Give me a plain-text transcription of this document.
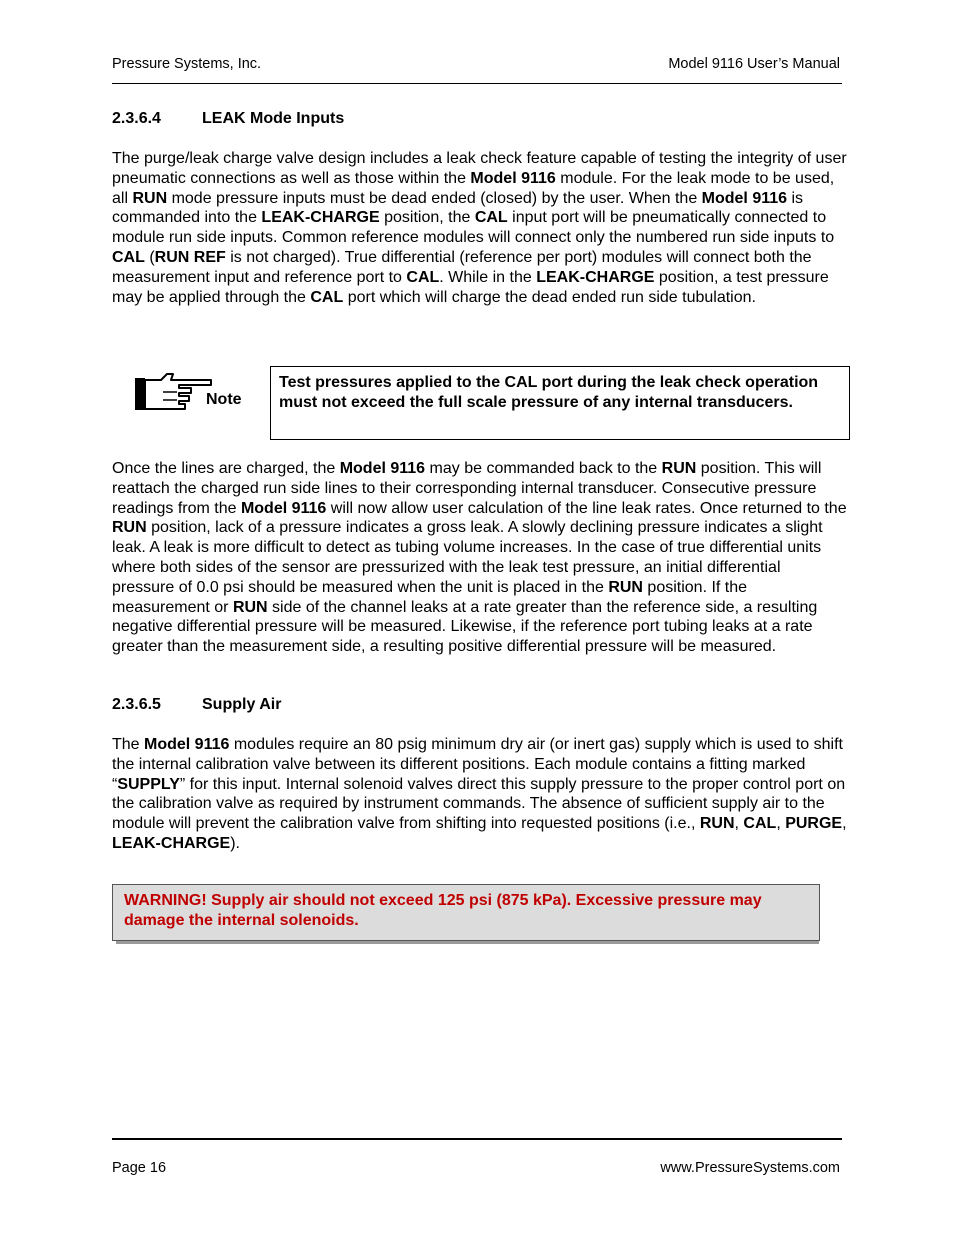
Pressure Systems, Inc.	Model 9116 User’s Manual
2.3.6.4	LEAK Mode Inputs

The purge/leak charge valve design includes a leak check feature capable of testing the integrity of user pneumatic connections as well as those within the Model 9116 module. For the leak mode to be used, all RUN mode pressure inputs must be dead ended (closed) by the user. When the Model 9116 is commanded into the LEAK-CHARGE position, the CAL input port will be pneumatically connected to module run side inputs. Common reference modules will connect only the numbered run side inputs to CAL (RUN REF is not charged). True differential (reference per port) modules will connect both the measurement input and reference port to CAL. While in the LEAK-CHARGE position, a test pressure may be applied through the CAL port which will charge the dead ended run side tubulation.

Note
Test pressures applied to the CAL port during the leak check operation must not exceed the full scale pressure of any internal transducers.

Once the lines are charged, the Model 9116 may be commanded back to the RUN position. This will reattach the charged run side lines to their corresponding internal transducer. Consecutive pressure readings from the Model 9116 will now allow user calculation of the line leak rates. Once returned to the RUN position, lack of a pressure indicates a gross leak. A slowly declining pressure indicates a slight leak. A leak is more difficult to detect as tubing volume increases. In the case of true differential units where both sides of the sensor are pressurized with the leak test pressure, an initial differential pressure of 0.0 psi should be measured when the unit is placed in the RUN position. If the measurement or RUN side of the channel leaks at a rate greater than the reference side, a resulting negative differential pressure will be measured. Likewise, if the reference port tubing leaks at a rate greater than the measurement side, a resulting positive differential pressure will be measured.

2.3.6.5	Supply Air

The Model 9116 modules require an 80 psig minimum dry air (or inert gas) supply which is used to shift the internal calibration valve between its different positions. Each module contains a fitting marked “SUPPLY” for this input. Internal solenoid valves direct this supply pressure to the proper control port on the calibration valve as required by instrument commands. The absence of sufficient supply air to the module will prevent the calibration valve from shifting into requested positions (i.e., RUN, CAL, PURGE, LEAK-CHARGE).

WARNING! Supply air should not exceed 125 psi (875 kPa). Excessive pressure may damage the internal solenoids.
Page 16	www.PressureSystems.com
